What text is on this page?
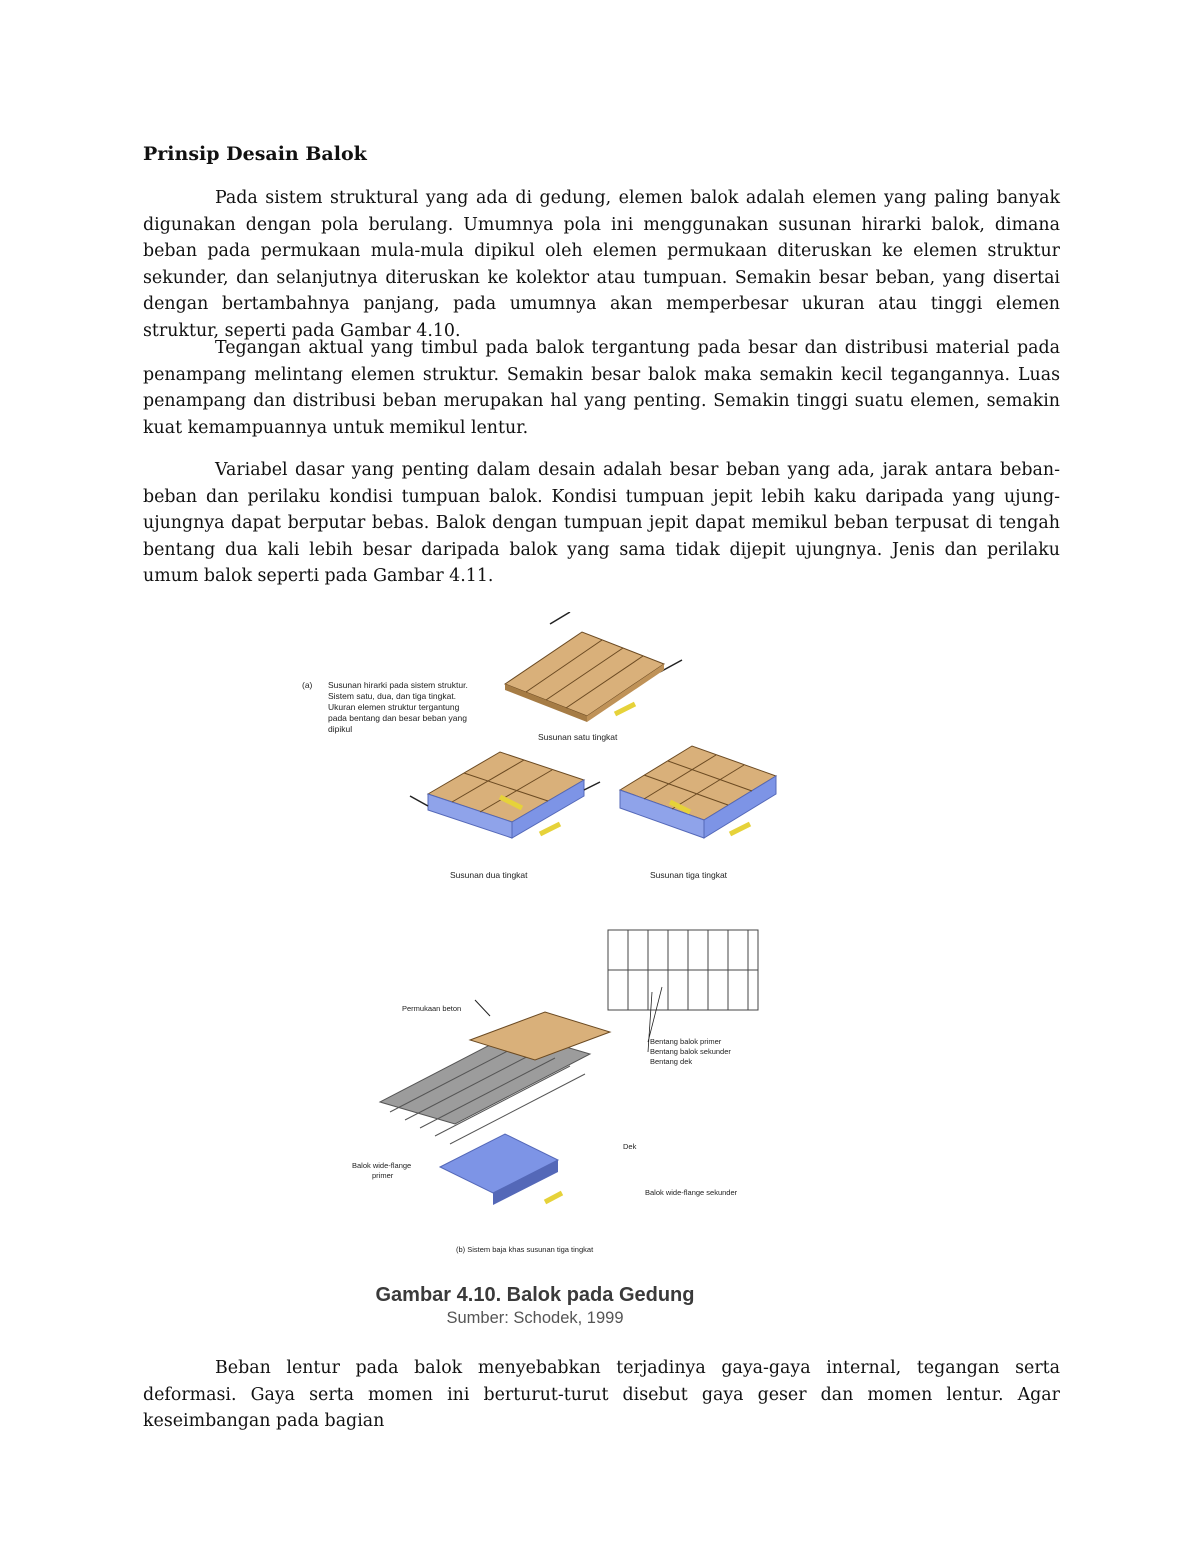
Prinsip Desain Balok

Pada sistem struktural yang ada di gedung, elemen balok adalah elemen yang paling banyak digunakan dengan pola berulang. Umumnya pola ini menggunakan susunan hirarki balok, dimana beban pada permukaan mula-mula dipikul oleh elemen permukaan diteruskan ke elemen struktur sekunder, dan selanjutnya diteruskan ke kolektor atau tumpuan. Semakin besar beban, yang disertai dengan bertambahnya panjang, pada umumnya akan memperbesar ukuran atau tinggi elemen struktur, seperti pada Gambar 4.10.

Tegangan aktual yang timbul pada balok tergantung pada besar dan distribusi material pada penampang melintang elemen struktur. Semakin besar balok maka semakin kecil tegangannya. Luas penampang dan distribusi beban merupakan hal yang penting. Semakin tinggi suatu elemen, semakin kuat kemampuannya untuk memikul lentur.

Variabel dasar yang penting dalam desain adalah besar beban yang ada, jarak antara beban-beban dan perilaku kondisi tumpuan balok. Kondisi tumpuan jepit lebih kaku daripada yang ujung-ujungnya dapat berputar bebas. Balok dengan tumpuan jepit dapat memikul beban terpusat di tengah bentang dua kali lebih besar daripada balok yang sama tidak dijepit ujungnya. Jenis dan perilaku umum balok seperti pada Gambar 4.11.

(a) Susunan hirarki pada sistem struktur.
Sistem satu, dua, dan tiga tingkat.
Ukuran elemen struktur tergantung
pada bentang dan besar beban yang
dipikul
Susunan satu tingkat
Susunan dua tingkat	Susunan tiga tingkat
Bentang balok primer
Bentang balok sekunder
Bentang dek
Permukaan beton
Dek
Balok wide-flange
primer
Balok wide-flange sekunder
(b) Sistem baja khas susunan tiga tingkat
Gambar 4.10. Balok pada Gedung
Sumber: Schodek, 1999

Beban lentur pada balok menyebabkan terjadinya gaya-gaya internal, tegangan serta deformasi. Gaya serta momen ini berturut-turut disebut gaya geser dan momen lentur. Agar keseimbangan pada bagian
